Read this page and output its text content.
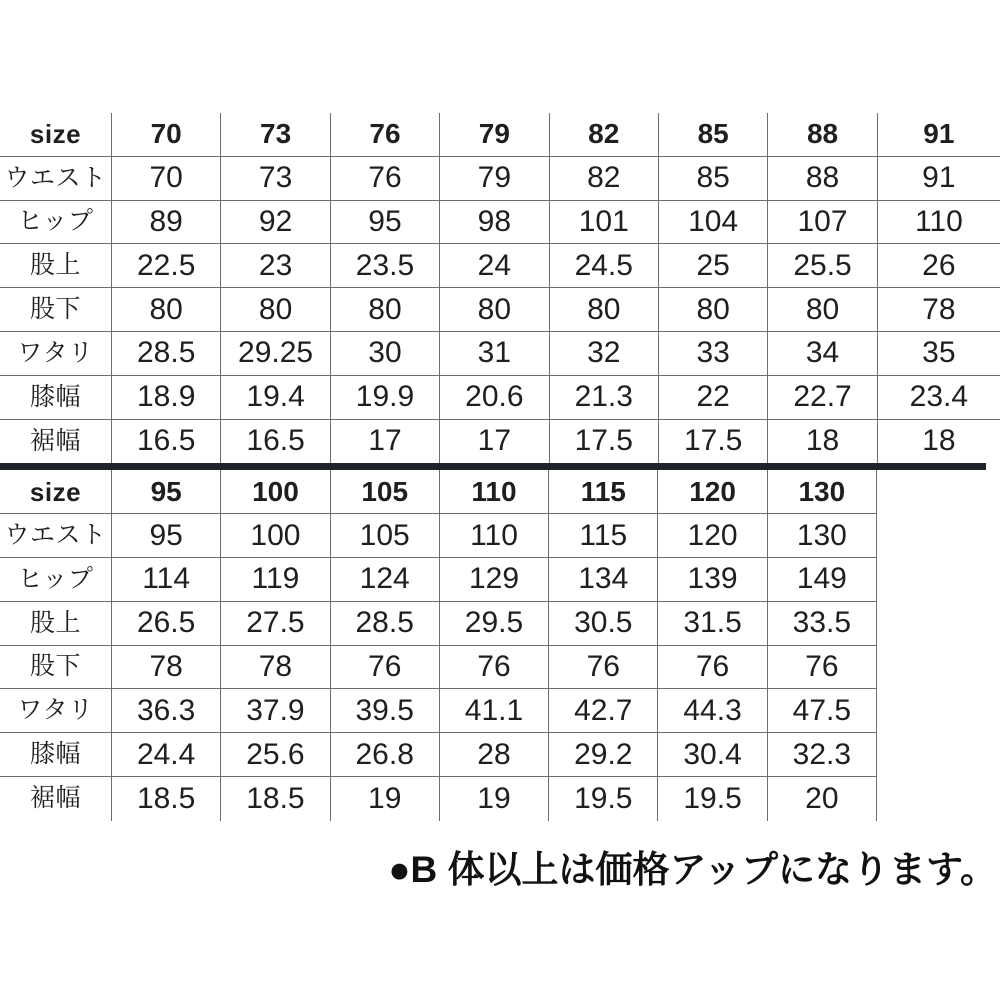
size	70	73	76	79	82	85	88	91
ウエスト	70	73	76	79	82	85	88	91
ヒップ	89	92	95	98	101	104	107	110
股上	22.5	23	23.5	24	24.5	25	25.5	26
股下	80	80	80	80	80	80	80	78
ワタリ	28.5	29.25	30	31	32	33	34	35
膝幅	18.9	19.4	19.9	20.6	21.3	22	22.7	23.4
裾幅	16.5	16.5	17	17	17.5	17.5	18	18
size	95	100	105	110	115	120	130
ウエスト	95	100	105	110	115	120	130
ヒップ	114	119	124	129	134	139	149
股上	26.5	27.5	28.5	29.5	30.5	31.5	33.5
股下	78	78	76	76	76	76	76
ワタリ	36.3	37.9	39.5	41.1	42.7	44.3	47.5
膝幅	24.4	25.6	26.8	28	29.2	30.4	32.3
裾幅	18.5	18.5	19	19	19.5	19.5	20
●B 体以上は価格アップになります。
